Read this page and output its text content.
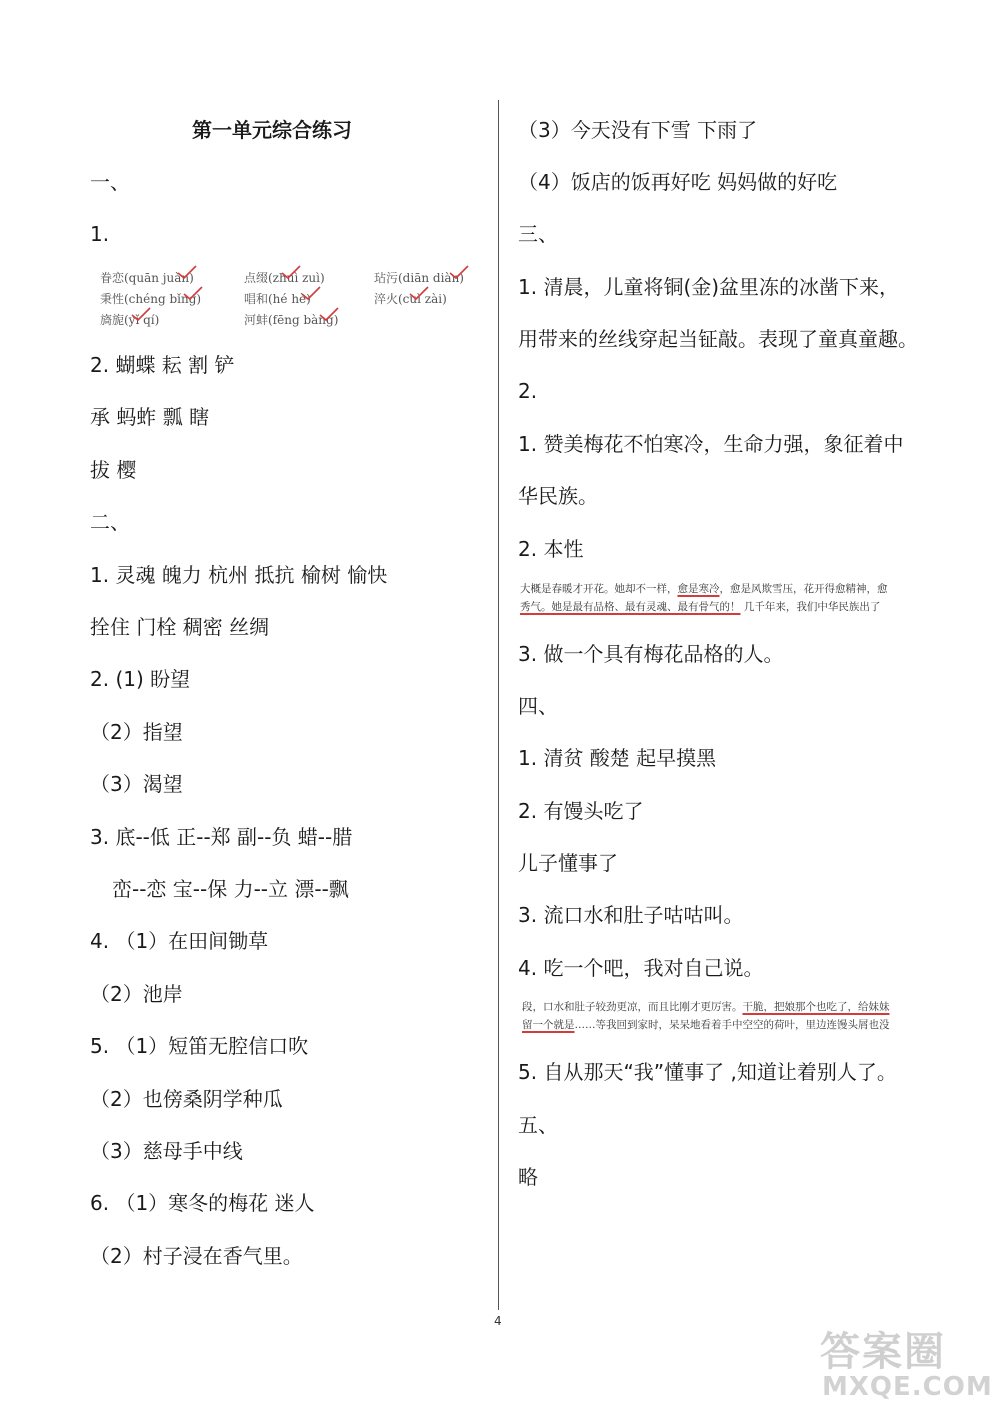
第一单元综合练习
一、
1.
眷恋(quān juàn)	点缀(zhuì zuì)	玷污(diān diàn)
秉性(chéng bǐng)	唱和(hé hè)	淬火(cuì zài)
旖旎(yǐ qí)	河蚌(fēng bàng)
2. 蝴蝶 耘 割 铲
承 蚂蚱 瓢 瞎
拔 樱
二、
1. 灵魂 魄力 杭州 抵抗 榆树 愉快
拴住 门栓 稠密 丝绸
2. (1) 盼望
（2）指望
（3）渴望
3. 底--低 正--郑 副--负 蜡--腊
峦--恋 宝--保 力--立 漂--飘
4. （1）在田间锄草
（2）池岸
5. （1）短笛无腔信口吹
（2）也傍桑阴学种瓜
（3）慈母手中线
6. （1）寒冬的梅花 迷人
（2）村子浸在香气里。
（3）今天没有下雪 下雨了
（4）饭店的饭再好吃 妈妈做的好吃
三、
1. 清晨，儿童将铜(金)盆里冻的冰凿下来，
用带来的丝线穿起当钲敲。表现了童真童趣。
2.
1. 赞美梅花不怕寒冷，生命力强，象征着中
华民族。
2. 本性
大概是春暖才开花。她却不一样，愈是寒冷，愈是风欺雪压，花开得愈精神，愈
秀气。她是最有品格、最有灵魂、最有骨气的！ 几千年来，我们中华民族出了
3. 做一个具有梅花品格的人。
四、
1. 清贫 酸楚 起早摸黑
2. 有馒头吃了
儿子懂事了
3. 流口水和肚子咕咕叫。
4. 吃一个吧，我对自己说。
段，口水和肚子较劲更凉，而且比刚才更厉害。干脆，把娘那个也吃了，给妹妹
留一个就是……等我回到家时，呆呆地看着手中空空的荷叶，里边连馒头屑也没
5. 自从那天“我”懂事了 ,知道让着别人了。
五、
略
4
答案圈
MXQE.COM
